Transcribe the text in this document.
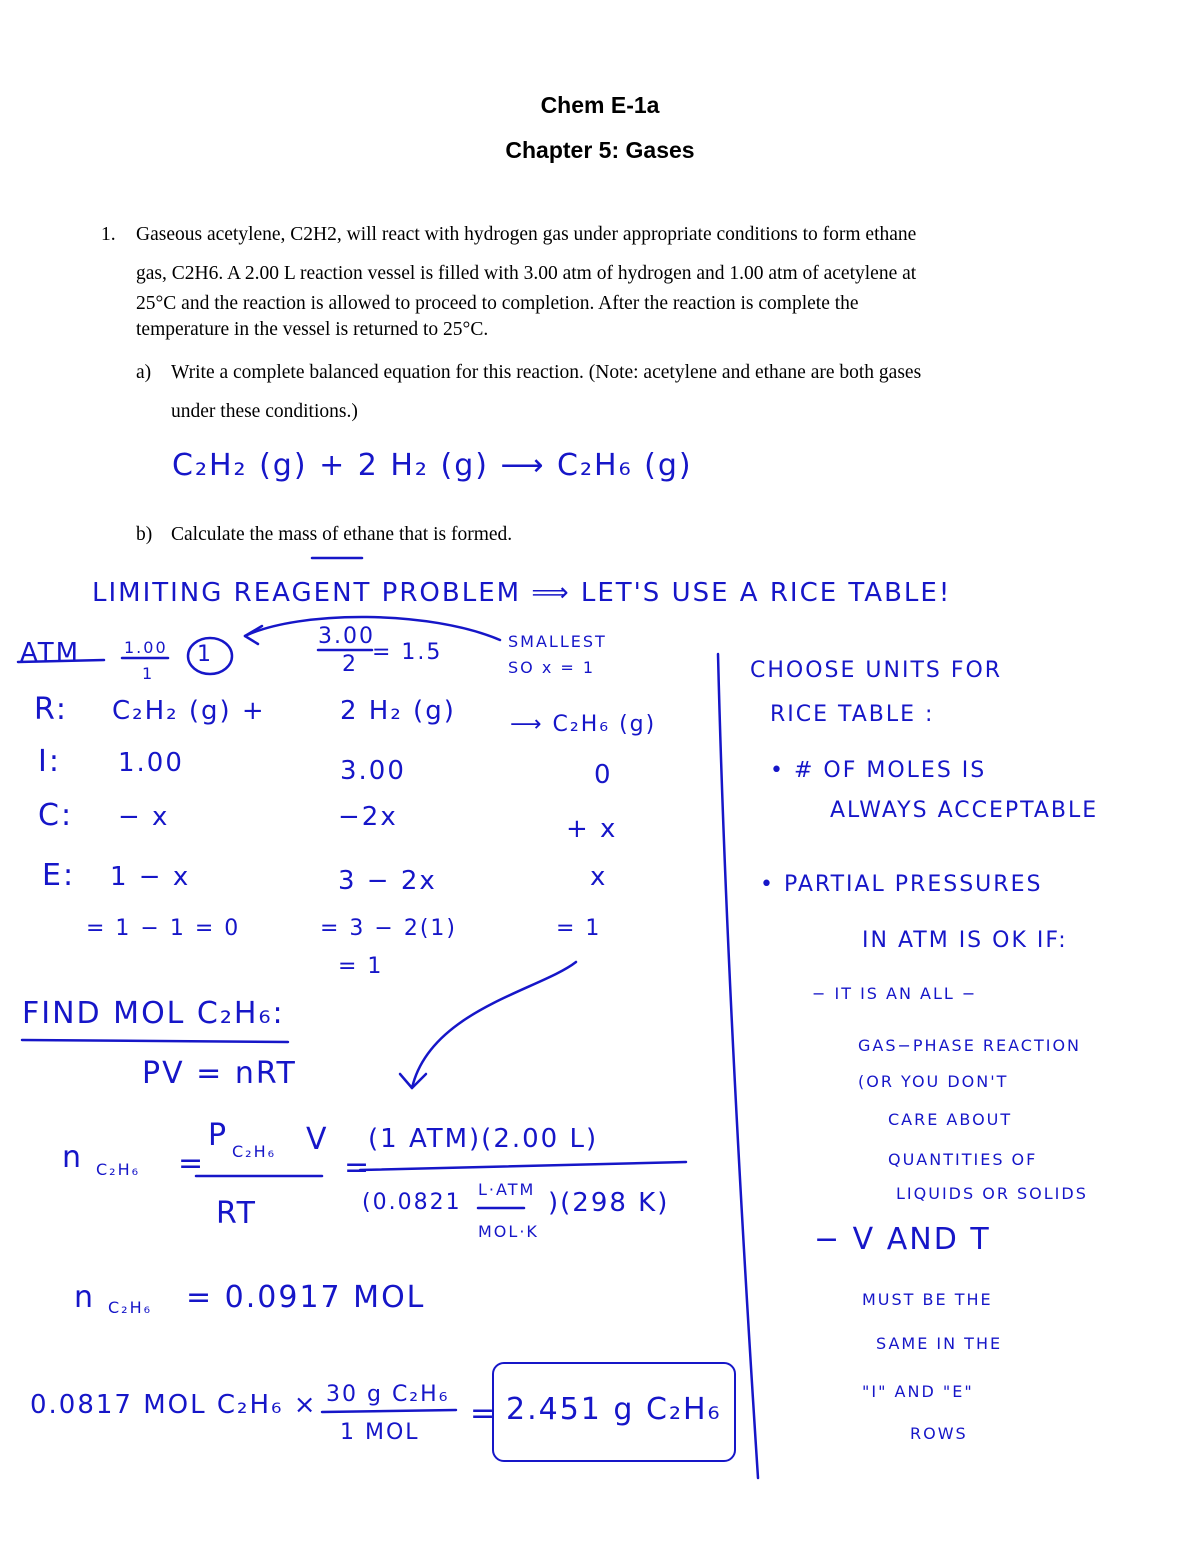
Chem E-1a
Chapter 5: Gases
1. Gaseous acetylene, C2H2, will react with hydrogen gas under appropriate conditions to form ethane
gas, C2H6. A 2.00 L reaction vessel is filled with 3.00 atm of hydrogen and 1.00 atm of acetylene at
25°C and the reaction is allowed to proceed to completion. After the reaction is complete the
temperature in the vessel is returned to 25°C.
a) Write a complete balanced equation for this reaction. (Note: acetylene and ethane are both gases
under these conditions.)
b) Calculate the mass of ethane that is formed.
C₂H₂ (g) + 2 H₂ (g) ⟶ C₂H₆ (g)
LIMITING REAGENT PROBLEM ⟹ LET'S USE A RICE TABLE!
ATM	1.00
1
1
3.00
2 = 1.5	SMALLEST
SO x = 1
R: C₂H₂ (g) +	2 H₂ (g) ⟶ C₂H₆ (g)
I: 1.00	3.00	0
C: − x	−2x	+ x
E: 1 − x	3 − 2x	x
= 1 − 1 = 0	= 3 − 2(1)	= 1
= 1
FIND MOL C₂H₆:
PV = nRT
n C₂H₆ =
P C₂H₆ V
RT
=
(1 ATM)(2.00 L)
(0.0821
L·ATM
MOL·K
)(298 K)
n C₂H₆ = 0.0917 MOL
0.0817 MOL C₂H₆ × 30 g C₂H₆
1 MOL
= 2.451 g C₂H₆
CHOOSE UNITS FOR
RICE TABLE :
• # OF MOLES IS
ALWAYS ACCEPTABLE
• PARTIAL PRESSURES
IN ATM IS OK IF:
− IT IS AN ALL −
GAS−PHASE REACTION
(OR YOU DON'T
CARE ABOUT
QUANTITIES OF
LIQUIDS OR SOLIDS
− V AND T
MUST BE THE
SAME IN THE
"I" AND "E"
ROWS
